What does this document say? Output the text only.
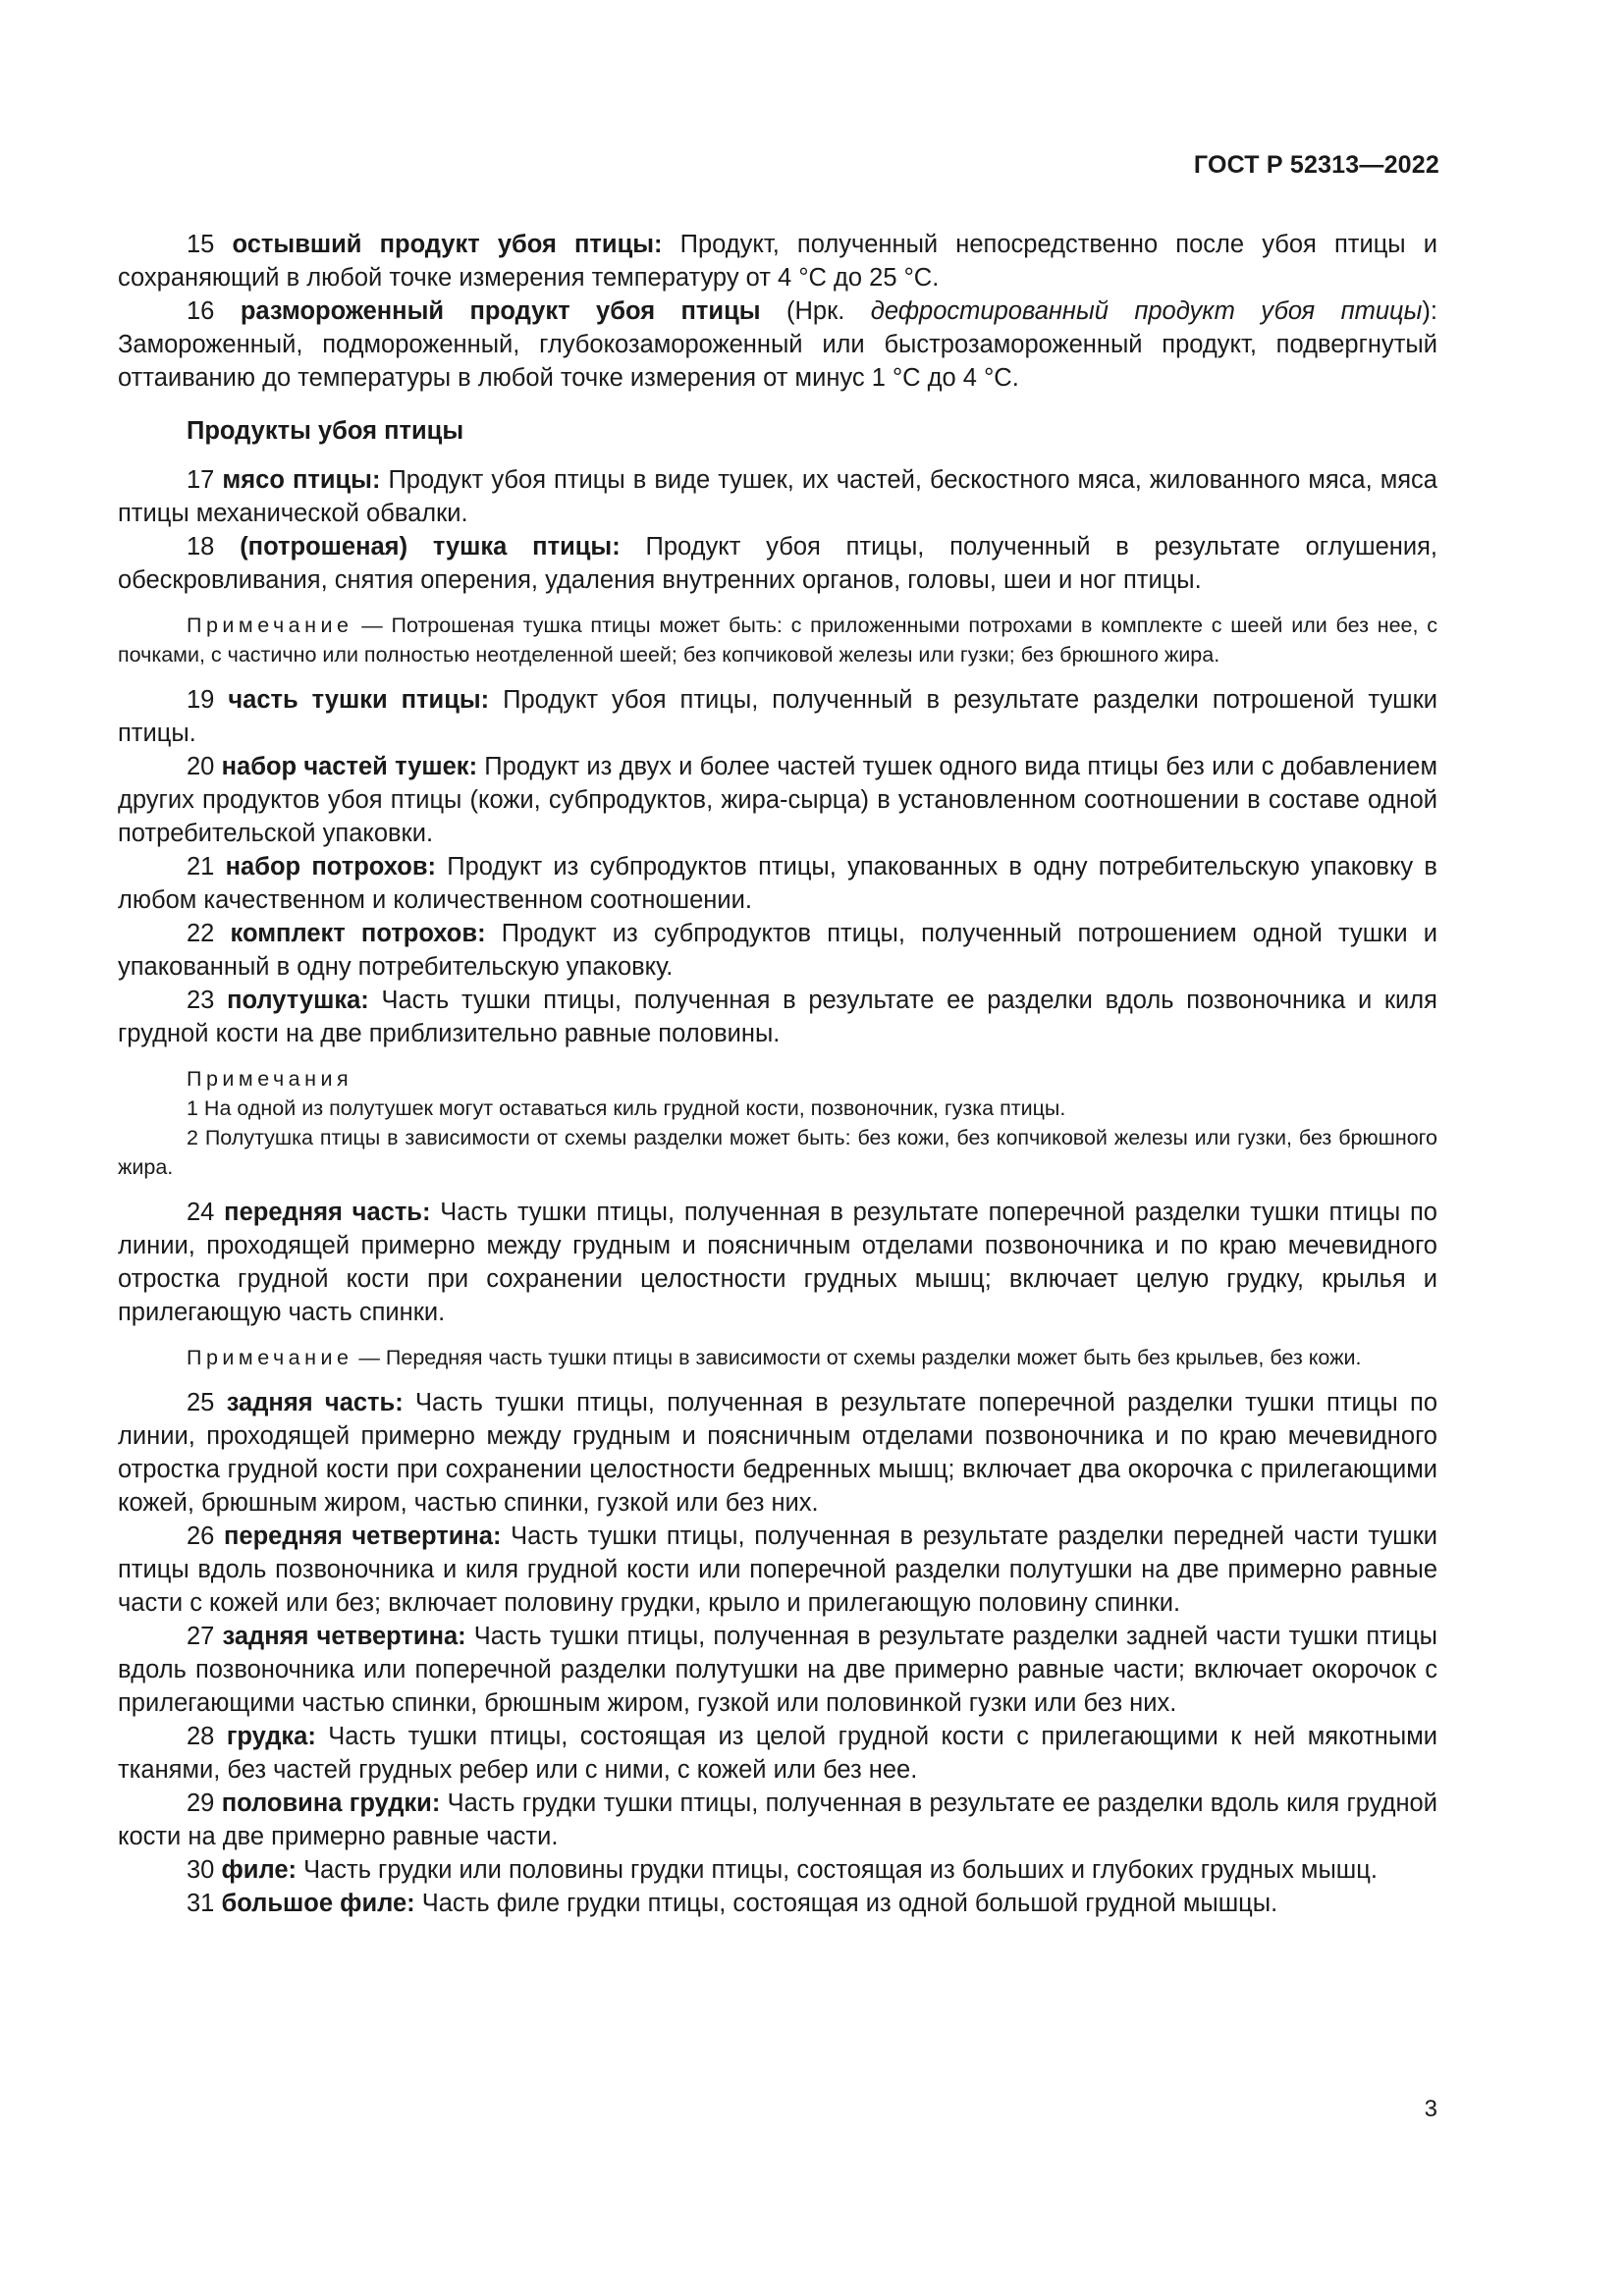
ГОСТ Р 52313—2022

15 остывший продукт убоя птицы: Продукт, полученный непосредственно после убоя птицы и сохраняющий в любой точке измерения температуру от 4 °С до 25 °С.

16 размороженный продукт убоя птицы (Нрк. дефростированный продукт убоя птицы): Замороженный, подмороженный, глубокозамороженный или быстрозамороженный продукт, подвергнутый оттаиванию до температуры в любой точке измерения от минус 1 °С до 4 °С.

Продукты убоя птицы

17 мясо птицы: Продукт убоя птицы в виде тушек, их частей, бескостного мяса, жилованного мяса, мяса птицы механической обвалки.

18 (потрошеная) тушка птицы: Продукт убоя птицы, полученный в результате оглушения, обескровливания, снятия оперения, удаления внутренних органов, головы, шеи и ног птицы.

Примечание — Потрошеная тушка птицы может быть: с приложенными потрохами в комплекте с шеей или без нее, с почками, с частично или полностью неотделенной шеей; без копчиковой железы или гузки; без брюшного жира.

19 часть тушки птицы: Продукт убоя птицы, полученный в результате разделки потрошеной тушки птицы.

20 набор частей тушек: Продукт из двух и более частей тушек одного вида птицы без или с добавлением других продуктов убоя птицы (кожи, субпродуктов, жира-сырца) в установленном соотношении в составе одной потребительской упаковки.

21 набор потрохов: Продукт из субпродуктов птицы, упакованных в одну потребительскую упаковку в любом качественном и количественном соотношении.

22 комплект потрохов: Продукт из субпродуктов птицы, полученный потрошением одной тушки и упакованный в одну потребительскую упаковку.

23 полутушка: Часть тушки птицы, полученная в результате ее разделки вдоль позвоночника и киля грудной кости на две приблизительно равные половины.

Примечания

1 На одной из полутушек могут оставаться киль грудной кости, позвоночник, гузка птицы.

2 Полутушка птицы в зависимости от схемы разделки может быть: без кожи, без копчиковой железы или гузки, без брюшного жира.

24 передняя часть: Часть тушки птицы, полученная в результате поперечной разделки тушки птицы по линии, проходящей примерно между грудным и поясничным отделами позвоночника и по краю мечевидного отростка грудной кости при сохранении целостности грудных мышц; включает целую грудку, крылья и прилегающую часть спинки.

Примечание — Передняя часть тушки птицы в зависимости от схемы разделки может быть без крыльев, без кожи.

25 задняя часть: Часть тушки птицы, полученная в результате поперечной разделки тушки птицы по линии, проходящей примерно между грудным и поясничным отделами позвоночника и по краю мечевидного отростка грудной кости при сохранении целостности бедренных мышц; включает два окорочка с прилегающими кожей, брюшным жиром, частью спинки, гузкой или без них.

26 передняя четвертина: Часть тушки птицы, полученная в результате разделки передней части тушки птицы вдоль позвоночника и киля грудной кости или поперечной разделки полутушки на две примерно равные части с кожей или без; включает половину грудки, крыло и прилегающую половину спинки.

27 задняя четвертина: Часть тушки птицы, полученная в результате разделки задней части тушки птицы вдоль позвоночника или поперечной разделки полутушки на две примерно равные части; включает окорочок с прилегающими частью спинки, брюшным жиром, гузкой или половинкой гузки или без них.

28 грудка: Часть тушки птицы, состоящая из целой грудной кости с прилегающими к ней мякотными тканями, без частей грудных ребер или с ними, с кожей или без нее.

29 половина грудки: Часть грудки тушки птицы, полученная в результате ее разделки вдоль киля грудной кости на две примерно равные части.

30 филе: Часть грудки или половины грудки птицы, состоящая из больших и глубоких грудных мышц.

31 большое филе: Часть филе грудки птицы, состоящая из одной большой грудной мышцы.

3
